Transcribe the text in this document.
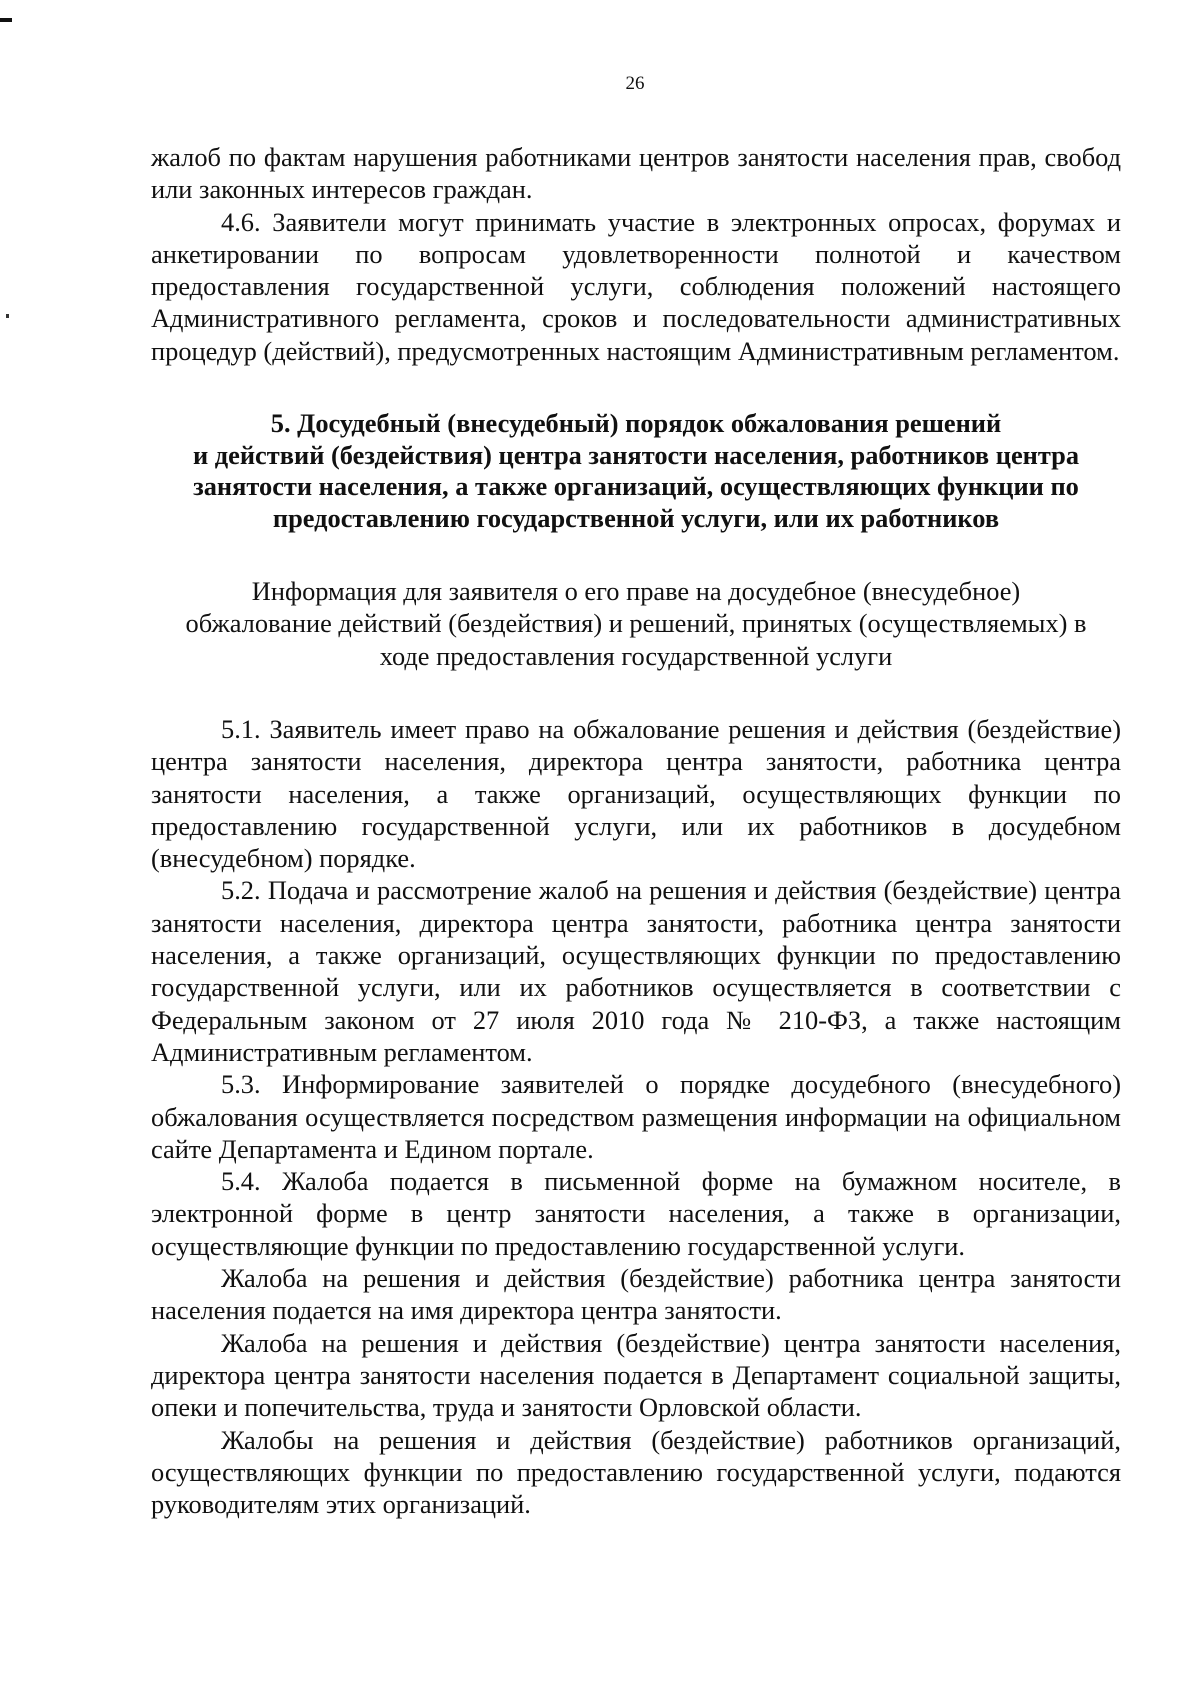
26

жалоб по фактам нарушения работниками центров занятости населения прав, свобод или законных интересов граждан.

4.6. Заявители могут принимать участие в электронных опросах, форумах и анкетировании по вопросам удовлетворенности полнотой и качеством предоставления государственной услуги, соблюдения положений настоящего Административного регламента, сроков и последовательности административных процедур (действий), предусмотренных настоящим Административным регламентом.

5. Досудебный (внесудебный) порядок обжалования решений
и действий (бездействия) центра занятости населения, работников центра
занятости населения, а также организаций, осуществляющих функции по
предоставлению государственной услуги, или их работников

Информация для заявителя о его праве на досудебное (внесудебное)
обжалование действий (бездействия) и решений, принятых (осуществляемых) в
ходе предоставления государственной услуги

5.1. Заявитель имеет право на обжалование решения и действия (бездействие) центра занятости населения, директора центра занятости, работника центра занятости населения, а также организаций, осуществляющих функции по предоставлению государственной услуги, или их работников в досудебном (внесудебном) порядке.

5.2. Подача и рассмотрение жалоб на решения и действия (бездействие) центра занятости населения, директора центра занятости, работника центра занятости населения, а также организаций, осуществляющих функции по предоставлению государственной услуги, или их работников осуществляется в соответствии с Федеральным законом от 27 июля 2010 года № 210-ФЗ, а также настоящим Административным регламентом.

5.3. Информирование заявителей о порядке досудебного (внесудебного) обжалования осуществляется посредством размещения информации на официальном сайте Департамента и Едином портале.

5.4. Жалоба подается в письменной форме на бумажном носителе, в электронной форме в центр занятости населения, а также в организации, осуществляющие функции по предоставлению государственной услуги.

Жалоба на решения и действия (бездействие) работника центра занятости населения подается на имя директора центра занятости.

Жалоба на решения и действия (бездействие) центра занятости населения, директора центра занятости населения подается в Департамент социальной защиты, опеки и попечительства, труда и занятости Орловской области.

Жалобы на решения и действия (бездействие) работников организаций, осуществляющих функции по предоставлению государственной услуги, подаются руководителям этих организаций.
